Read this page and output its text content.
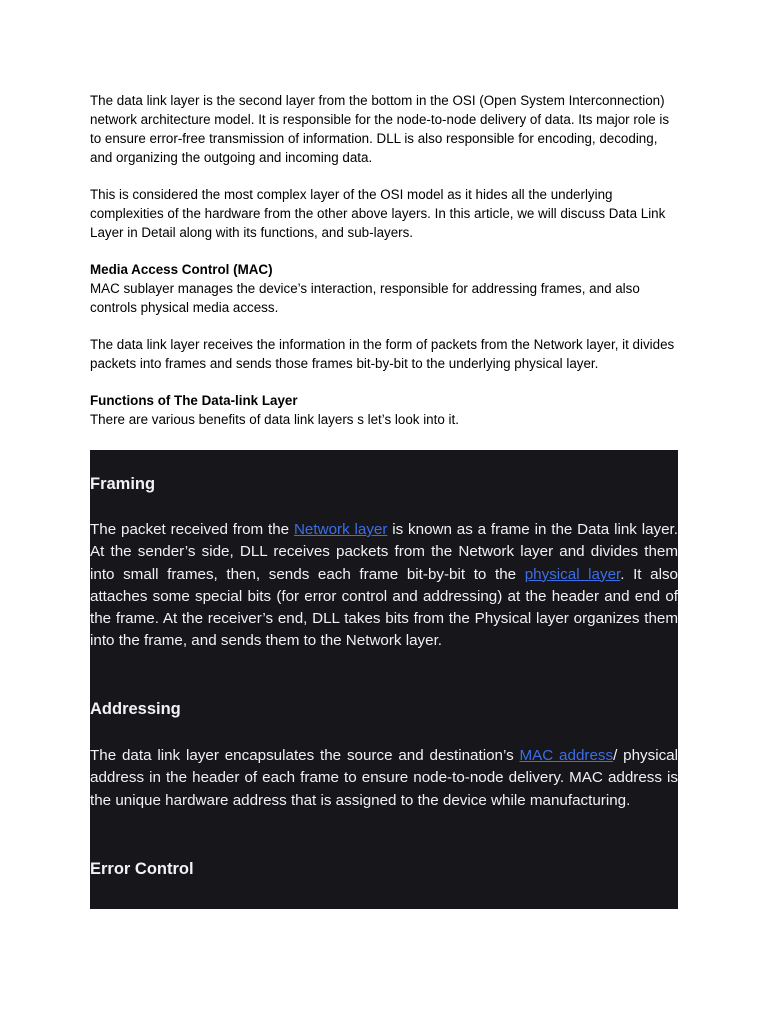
The data link layer is the second layer from the bottom in the OSI (Open System Interconnection) network architecture model. It is responsible for the node-to-node delivery of data. Its major role is to ensure error-free transmission of information. DLL is also responsible for encoding, decoding, and organizing the outgoing and incoming data.

This is considered the most complex layer of the OSI model as it hides all the underlying complexities of the hardware from the other above layers. In this article, we will discuss Data Link Layer in Detail along with its functions, and sub-layers.

Media Access Control (MAC)

MAC sublayer manages the device’s interaction, responsible for addressing frames, and also controls physical media access.

The data link layer receives the information in the form of packets from the Network layer, it divides packets into frames and sends those frames bit-by-bit to the underlying physical layer.

Functions of The Data-link Layer

There are various benefits of data link layers s let’s look into it.

Framing

The packet received from the Network layer is known as a frame in the Data link layer. At the sender’s side, DLL receives packets from the Network layer and divides them into small frames, then, sends each frame bit-by-bit to the physical layer. It also attaches some special bits (for error control and addressing) at the header and end of the frame. At the receiver’s end, DLL takes bits from the Physical layer organizes them into the frame, and sends them to the Network layer.

Addressing

The data link layer encapsulates the source and destination’s MAC address/ physical address in the header of each frame to ensure node-to-node delivery. MAC address is the unique hardware address that is assigned to the device while manufacturing.

Error Control
